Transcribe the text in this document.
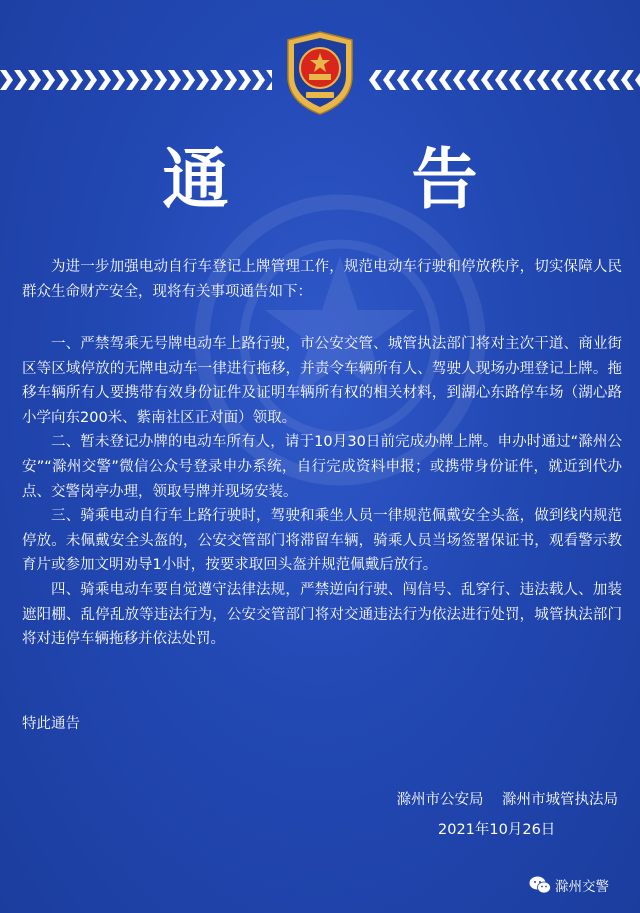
通 告
为进一步加强电动自行车登记上牌管理工作，规范电动车行驶和停放秩序，切实保障人民群众生命财产安全，现将有关事项通告如下：

一、严禁驾乘无号牌电动车上路行驶，市公安交管、城管执法部门将对主次干道、商业街区等区域停放的无牌电动车一律进行拖移，并责令车辆所有人、驾驶人现场办理登记上牌。拖移车辆所有人要携带有效身份证件及证明车辆所有权的相关材料，到湖心东路停车场（湖心路小学向东200米、紫南社区正对面）领取。

二、暂未登记办牌的电动车所有人，请于10月30日前完成办牌上牌。申办时通过“滁州公安”“滁州交警”微信公众号登录申办系统，自行完成资料申报；或携带身份证件，就近到代办点、交警岗亭办理，领取号牌并现场安装。

三、骑乘电动自行车上路行驶时，驾驶和乘坐人员一律规范佩戴安全头盔，做到线内规范停放。未佩戴安全头盔的，公安交管部门将滞留车辆，骑乘人员当场签署保证书，观看警示教育片或参加文明劝导1小时，按要求取回头盔并规范佩戴后放行。

四、骑乘电动车要自觉遵守法律法规，严禁逆向行驶、闯信号、乱穿行、违法载人、加装遮阳棚、乱停乱放等违法行为，公安交管部门将对交通违法行为依法进行处罚，城管执法部门将对违停车辆拖移并依法处罚。

特此通告
滁州市公安局    滁州市城管执法局
2021年10月26日
滁州交警
